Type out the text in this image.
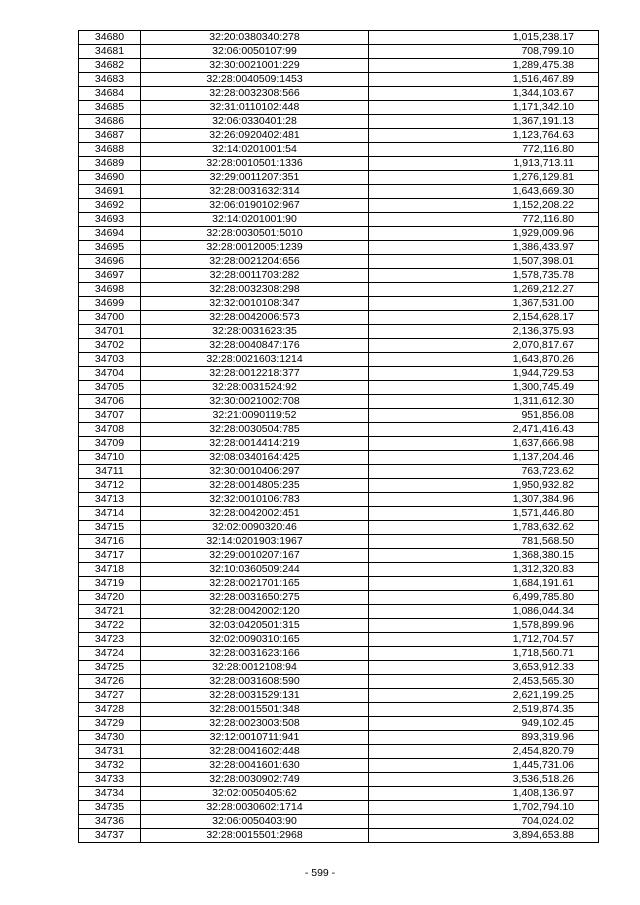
34680	32:20:0380340:278	1,015,238.17
34681	32:06:0050107:99	708,799.10
34682	32:30:0021001:229	1,289,475.38
34683	32:28:0040509:1453	1,516,467.89
34684	32:28:0032308:566	1,344,103.67
34685	32:31:0110102:448	1,171,342.10
34686	32:06:0330401:28	1,367,191.13
34687	32:26:0920402:481	1,123,764.63
34688	32:14:0201001:54	772,116.80
34689	32:28:0010501:1336	1,913,713.11
34690	32:29:0011207:351	1,276,129.81
34691	32:28:0031632:314	1,643,669.30
34692	32:06:0190102:967	1,152,208.22
34693	32:14:0201001:90	772,116.80
34694	32:28:0030501:5010	1,929,009.96
34695	32:28:0012005:1239	1,386,433.97
34696	32:28:0021204:656	1,507,398.01
34697	32:28:0011703:282	1,578,735.78
34698	32:28:0032308:298	1,269,212.27
34699	32:32:0010108:347	1,367,531.00
34700	32:28:0042006:573	2,154,628.17
34701	32:28:0031623:35	2,136,375.93
34702	32:28:0040847:176	2,070,817.67
34703	32:28:0021603:1214	1,643,870.26
34704	32:28:0012218:377	1,944,729.53
34705	32:28:0031524:92	1,300,745.49
34706	32:30:0021002:708	1,311,612.30
34707	32:21:0090119:52	951,856.08
34708	32:28:0030504:785	2,471,416.43
34709	32:28:0014414:219	1,637,666.98
34710	32:08:0340164:425	1,137,204.46
34711	32:30:0010406:297	763,723.62
34712	32:28:0014805:235	1,950,932.82
34713	32:32:0010106:783	1,307,384.96
34714	32:28:0042002:451	1,571,446.80
34715	32:02:0090320:46	1,783,632.62
34716	32:14:0201903:1967	781,568.50
34717	32:29:0010207:167	1,368,380.15
34718	32:10:0360509:244	1,312,320.83
34719	32:28:0021701:165	1,684,191.61
34720	32:28:0031650:275	6,499,785.80
34721	32:28:0042002:120	1,086,044.34
34722	32:03:0420501:315	1,578,899.96
34723	32:02:0090310:165	1,712,704.57
34724	32:28:0031623:166	1,718,560.71
34725	32:28:0012108:94	3,653,912.33
34726	32:28:0031608:590	2,453,565.30
34727	32:28:0031529:131	2,621,199.25
34728	32:28:0015501:348	2,519,874.35
34729	32:28:0023003:508	949,102.45
34730	32:12:0010711:941	893,319.96
34731	32:28:0041602:448	2,454,820.79
34732	32:28:0041601:630	1,445,731.06
34733	32:28:0030902:749	3,536,518.26
34734	32:02:0050405:62	1,408,136.97
34735	32:28:0030602:1714	1,702,794.10
34736	32:06:0050403:90	704,024.02
34737	32:28:0015501:2968	3,894,653.88
- 599 -
